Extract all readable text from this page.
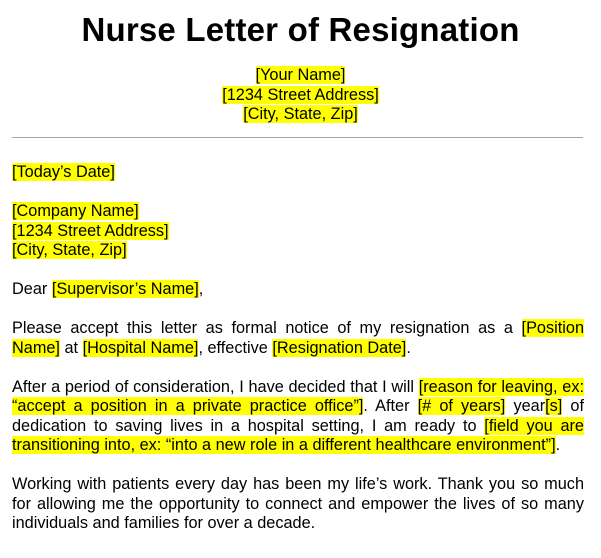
Nurse Letter of Resignation
[Your Name]
[1234 Street Address]
[City, State, Zip]

[Today’s Date]

[Company Name]
[1234 Street Address]
[City, State, Zip]

Dear [Supervisor’s Name],

Please accept this letter as formal notice of my resignation as a [Position Name] at [Hospital Name], effective [Resignation Date].

After a period of consideration, I have decided that I will [reason for leaving, ex: “accept a position in a private practice office”]. After [# of years] year[s] of dedication to saving lives in a hospital setting, I am ready to [field you are transitioning into, ex: “into a new role in a different healthcare environment”].

Working with patients every day has been my life’s work. Thank you so much for allowing me the opportunity to connect and empower the lives of so many individuals and families for over a decade.
